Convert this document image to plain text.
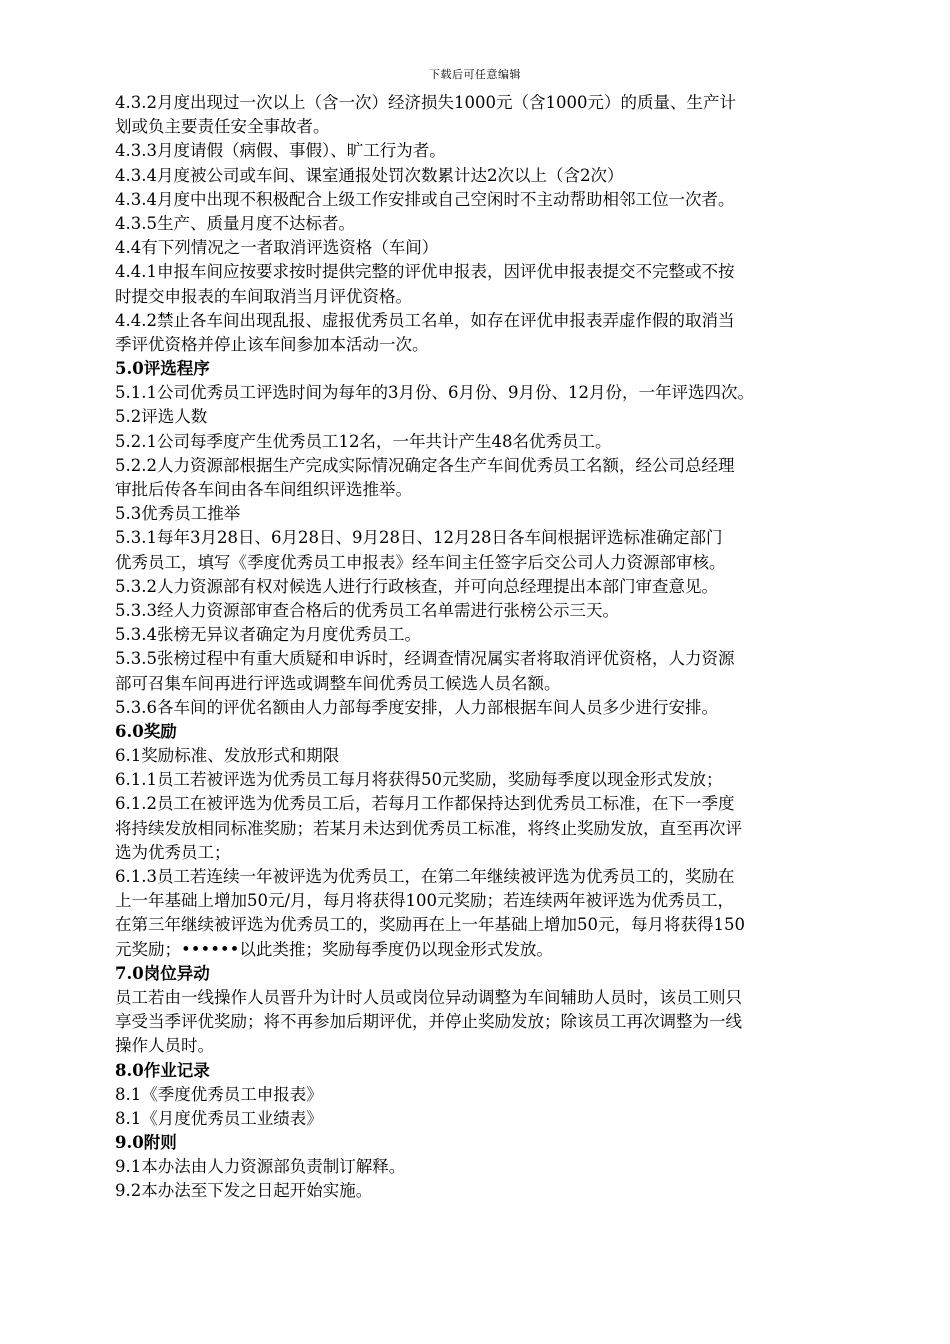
下载后可任意编辑
4.3.2月度出现过一次以上（含一次）经济损失1000元（含1000元）的质量、生产计
划或负主要责任安全事故者。
4.3.3月度请假（病假、事假）、旷工行为者。
4.3.4月度被公司或车间、课室通报处罚次数累计达2次以上（含2次）
4.3.4月度中出现不积极配合上级工作安排或自己空闲时不主动帮助相邻工位一次者。
4.3.5生产、质量月度不达标者。
4.4有下列情况之一者取消评选资格（车间）
4.4.1申报车间应按要求按时提供完整的评优申报表，因评优申报表提交不完整或不按
时提交申报表的车间取消当月评优资格。
4.4.2禁止各车间出现乱报、虚报优秀员工名单，如存在评优申报表弄虚作假的取消当
季评优资格并停止该车间参加本活动一次。
5.0评选程序
5.1.1公司优秀员工评选时间为每年的3月份、6月份、9月份、12月份，一年评选四次。
5.2评选人数
5.2.1公司每季度产生优秀员工12名，一年共计产生48名优秀员工。
5.2.2人力资源部根据生产完成实际情况确定各生产车间优秀员工名额，经公司总经理
审批后传各车间由各车间组织评选推举。
5.3优秀员工推举
5.3.1每年3月28日、6月28日、9月28日、12月28日各车间根据评选标准确定部门
优秀员工，填写《季度优秀员工申报表》经车间主任签字后交公司人力资源部审核。
5.3.2人力资源部有权对候选人进行行政核查，并可向总经理提出本部门审查意见。
5.3.3经人力资源部审查合格后的优秀员工名单需进行张榜公示三天。
5.3.4张榜无异议者确定为月度优秀员工。
5.3.5张榜过程中有重大质疑和申诉时，经调查情况属实者将取消评优资格，人力资源
部可召集车间再进行评选或调整车间优秀员工候选人员名额。
5.3.6各车间的评优名额由人力部每季度安排，人力部根据车间人员多少进行安排。
6.0奖励
6.1奖励标准、发放形式和期限
6.1.1员工若被评选为优秀员工每月将获得50元奖励，奖励每季度以现金形式发放；
6.1.2员工在被评选为优秀员工后，若每月工作都保持达到优秀员工标准，在下一季度
将持续发放相同标准奖励；若某月未达到优秀员工标准，将终止奖励发放，直至再次评
选为优秀员工；
6.1.3员工若连续一年被评选为优秀员工，在第二年继续被评选为优秀员工的，奖励在
上一年基础上增加50元/月，每月将获得100元奖励；若连续两年被评选为优秀员工，
在第三年继续被评选为优秀员工的，奖励再在上一年基础上增加50元，每月将获得150
元奖励；••••••以此类推；奖励每季度仍以现金形式发放。
7.0岗位异动
员工若由一线操作人员晋升为计时人员或岗位异动调整为车间辅助人员时，该员工则只
享受当季评优奖励；将不再参加后期评优，并停止奖励发放；除该员工再次调整为一线
操作人员时。
8.0作业记录
8.1《季度优秀员工申报表》
8.1《月度优秀员工业绩表》
9.0附则
9.1本办法由人力资源部负责制订解释。
9.2本办法至下发之日起开始实施。
